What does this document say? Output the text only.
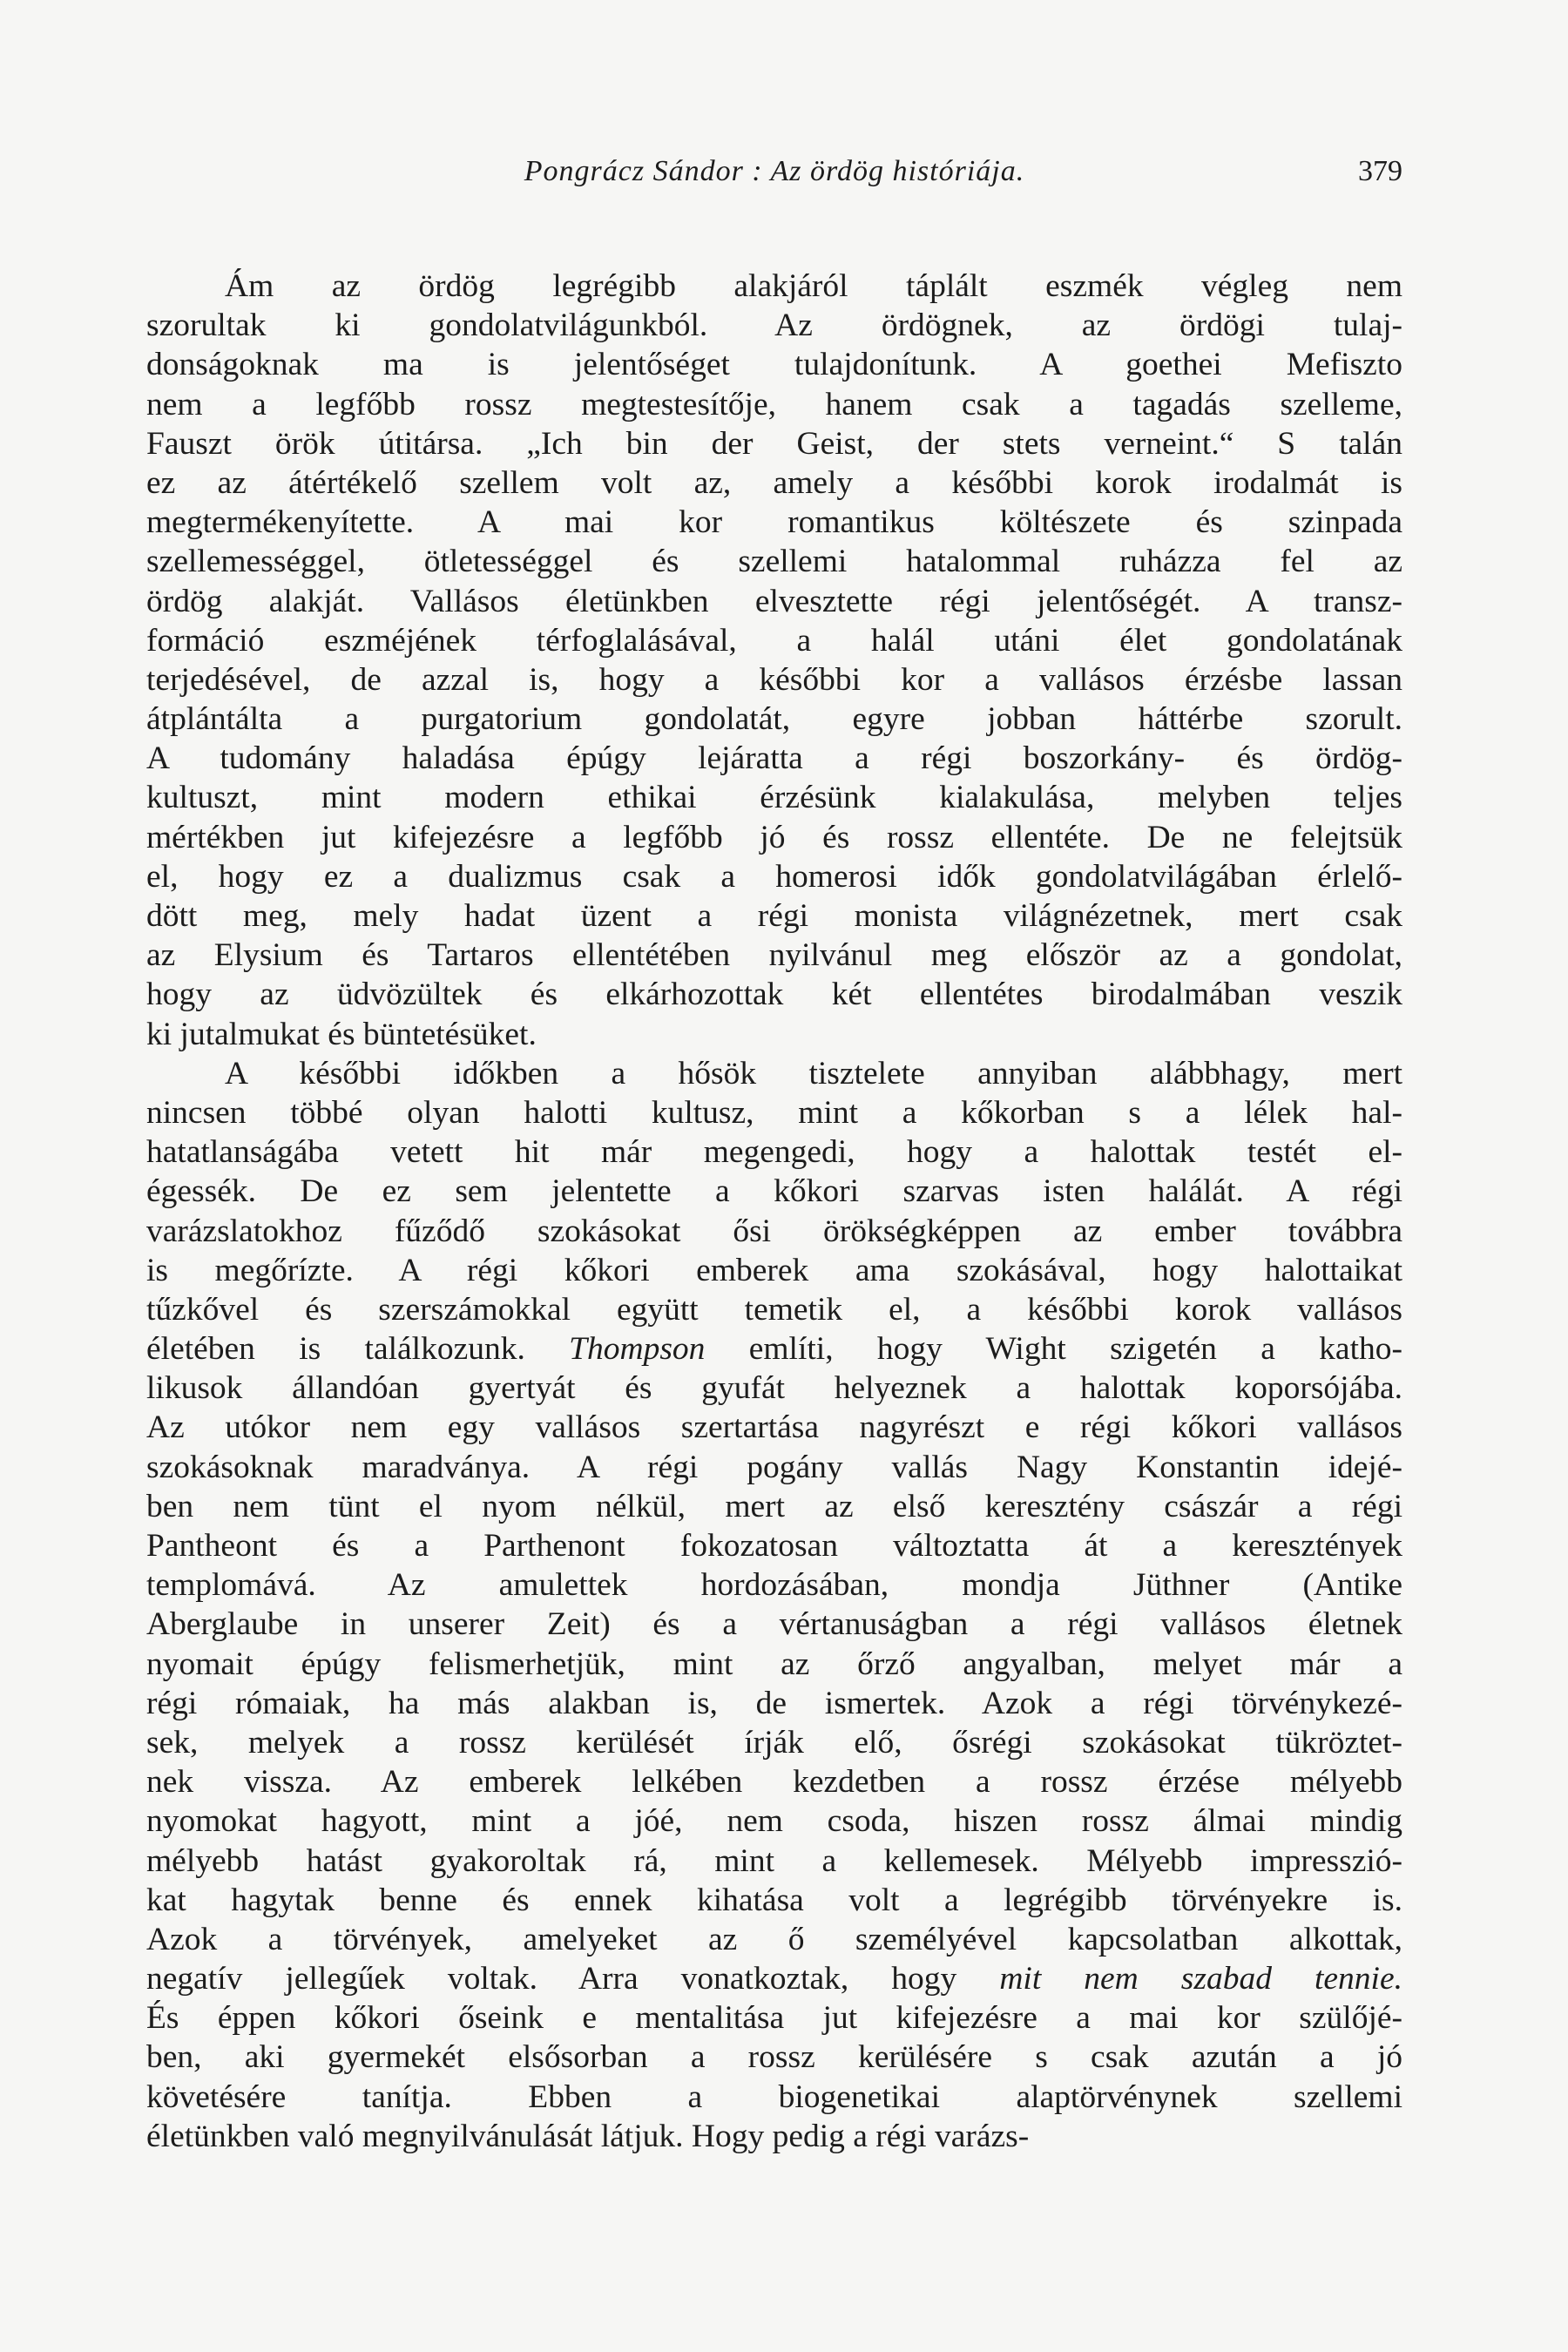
Pongrácz Sándor : Az ördög históriája.	379
Ám az ördög legrégibb alakjáról táplált eszmék végleg nem
szorultak ki gondolatvilágunkból. Az ördögnek, az ördögi tulaj-
donságoknak ma is jelentőséget tulajdonítunk. A goethei Mefiszto
nem a legfőbb rossz megtestesítője, hanem csak a tagadás szelleme,
Fauszt örök útitársa. „Ich bin der Geist, der stets verneint.“ S talán
ez az átértékelő szellem volt az, amely a későbbi korok irodalmát is
megtermékenyítette. A mai kor romantikus költészete és szinpada
szellemességgel, ötletességgel és szellemi hatalommal ruházza fel az
ördög alakját. Vallásos életünkben elvesztette régi jelentőségét. A transz-
formáció eszméjének térfoglalásával, a halál utáni élet gondolatának
terjedésével, de azzal is, hogy a későbbi kor a vallásos érzésbe lassan
átplántálta a purgatorium gondolatát, egyre jobban háttérbe szorult.
A tudomány haladása épúgy lejáratta a régi boszorkány- és ördög-
kultuszt, mint modern ethikai érzésünk kialakulása, melyben teljes
mértékben jut kifejezésre a legfőbb jó és rossz ellentéte. De ne felejtsük
el, hogy ez a dualizmus csak a homerosi idők gondolatvilágában érlelő-
dött meg, mely hadat üzent a régi monista világnézetnek, mert csak
az Elysium és Tartaros ellentétében nyilvánul meg először az a gondolat,
hogy az üdvözültek és elkárhozottak két ellentétes birodalmában veszik
ki jutalmukat és büntetésüket.
A későbbi időkben a hősök tisztelete annyiban alábbhagy, mert
nincsen többé olyan halotti kultusz, mint a kőkorban s a lélek hal-
hatatlanságába vetett hit már megengedi, hogy a halottak testét el-
égessék. De ez sem jelentette a kőkori szarvas isten halálát. A régi
varázslatokhoz fűződő szokásokat ősi örökségképpen az ember továbbra
is megőrízte. A régi kőkori emberek ama szokásával, hogy halottaikat
tűzkővel és szerszámokkal együtt temetik el, a későbbi korok vallásos
életében is találkozunk. Thompson említi, hogy Wight szigetén a katho-
likusok állandóan gyertyát és gyufát helyeznek a halottak koporsójába.
Az utókor nem egy vallásos szertartása nagyrészt e régi kőkori vallásos
szokásoknak maradványa. A régi pogány vallás Nagy Konstantin idejé-
ben nem tünt el nyom nélkül, mert az első keresztény császár a régi
Pantheont és a Parthenont fokozatosan változtatta át a keresztények
templomává. Az amulettek hordozásában, mondja Jüthner (Antike
Aberglaube in unserer Zeit) és a vértanuságban a régi vallásos életnek
nyomait épúgy felismerhetjük, mint az őrző angyalban, melyet már a
régi rómaiak, ha más alakban is, de ismertek. Azok a régi törvénykezé-
sek, melyek a rossz kerülését írják elő, ősrégi szokásokat tükröztet-
nek vissza. Az emberek lelkében kezdetben a rossz érzése mélyebb
nyomokat hagyott, mint a jóé, nem csoda, hiszen rossz álmai mindig
mélyebb hatást gyakoroltak rá, mint a kellemesek. Mélyebb impresszió-
kat hagytak benne és ennek kihatása volt a legrégibb törvényekre is.
Azok a törvények, amelyeket az ő személyével kapcsolatban alkottak,
negatív jellegűek voltak. Arra vonatkoztak, hogy mit nem szabad tennie.
És éppen kőkori őseink e mentalitása jut kifejezésre a mai kor szülőjé-
ben, aki gyermekét elsősorban a rossz kerülésére s csak azután a jó
követésére tanítja. Ebben a biogenetikai alaptörvénynek szellemi
életünkben való megnyilvánulását látjuk. Hogy pedig a régi varázs-
